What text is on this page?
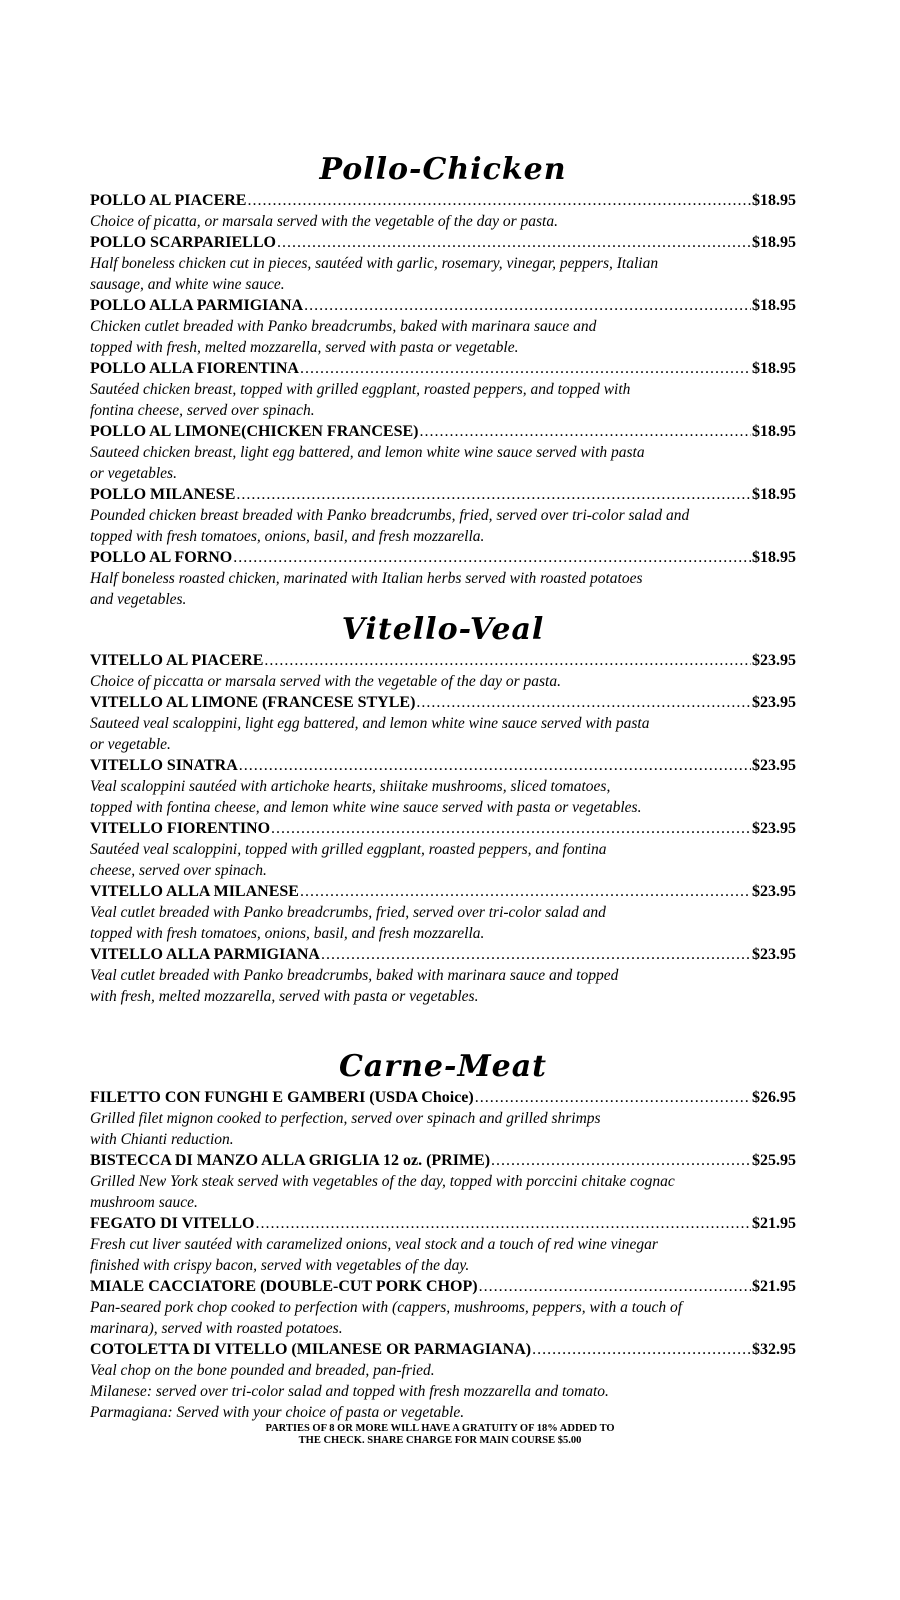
Pollo-Chicken
POLLO AL PIACERE .....	$18.95
Choice of picatta, or marsala served with the vegetable of the day or pasta.
POLLO SCARPARIELLO .....	$18.95
Half boneless chicken cut in pieces, sautéed with garlic, rosemary, vinegar, peppers, Italian
sausage, and white wine sauce.
POLLO ALLA PARMIGIANA .....	$18.95
Chicken cutlet breaded with Panko breadcrumbs, baked with marinara sauce and
topped with fresh, melted mozzarella, served with pasta or vegetable.
POLLO ALLA FIORENTINA .....	$18.95
Sautéed chicken breast, topped with grilled eggplant, roasted peppers, and topped with
fontina cheese, served over spinach.
POLLO AL LIMONE(CHICKEN FRANCESE) .....	$18.95
Sauteed chicken breast, light egg battered, and lemon white wine sauce served with pasta
or vegetables.
POLLO MILANESE .....	$18.95
Pounded chicken breast breaded with Panko breadcrumbs, fried, served over tri-color salad and
topped with fresh tomatoes, onions, basil, and fresh mozzarella.
POLLO AL FORNO .....	$18.95
Half boneless roasted chicken, marinated with Italian herbs served with roasted potatoes
and vegetables.
Vitello-Veal
VITELLO AL PIACERE .....	$23.95
Choice of piccatta or marsala served with the vegetable of the day or pasta.
VITELLO AL LIMONE (FRANCESE STYLE) .....	$23.95
Sauteed veal scaloppini, light egg battered, and lemon white wine sauce served with pasta
or vegetable.
VITELLO SINATRA .....	$23.95
Veal scaloppini sautéed with artichoke hearts, shiitake mushrooms, sliced tomatoes,
topped with fontina cheese, and lemon white wine sauce served with pasta or vegetables.
VITELLO FIORENTINO .....	$23.95
Sautéed veal scaloppini, topped with grilled eggplant, roasted peppers, and fontina
cheese, served over spinach.
VITELLO ALLA MILANESE .....	$23.95
Veal cutlet breaded with Panko breadcrumbs, fried, served over tri-color salad and
topped with fresh tomatoes, onions, basil, and fresh mozzarella.
VITELLO ALLA PARMIGIANA .....	$23.95
Veal cutlet breaded with Panko breadcrumbs, baked with marinara sauce and topped
with fresh, melted mozzarella, served with pasta or vegetables.
Carne-Meat
FILETTO CON FUNGHI E GAMBERI (USDA Choice) .....	$26.95
Grilled filet mignon cooked to perfection, served over spinach and grilled shrimps
with Chianti reduction.
BISTECCA DI MANZO ALLA GRIGLIA 12 oz. (PRIME) .....	$25.95
Grilled New York steak served with vegetables of the day, topped with porccini chitake cognac
mushroom sauce.
FEGATO DI VITELLO .....	$21.95
Fresh cut liver sautéed with caramelized onions, veal stock and a touch of red wine vinegar
finished with crispy bacon, served with vegetables of the day.
MIALE CACCIATORE (DOUBLE-CUT PORK CHOP) .....	$21.95
Pan-seared pork chop cooked to perfection with (cappers, mushrooms, peppers, with a touch of
marinara), served with roasted potatoes.
COTOLETTA DI VITELLO (MILANESE OR PARMAGIANA) .....	$32.95
Veal chop on the bone pounded and breaded, pan-fried.
Milanese: served over tri-color salad and topped with fresh mozzarella and tomato.
Parmagiana: Served with your choice of pasta or vegetable.
PARTIES OF 8 OR MORE WILL HAVE A GRATUITY OF 18% ADDED TO
THE CHECK. SHARE CHARGE FOR MAIN COURSE $5.00
